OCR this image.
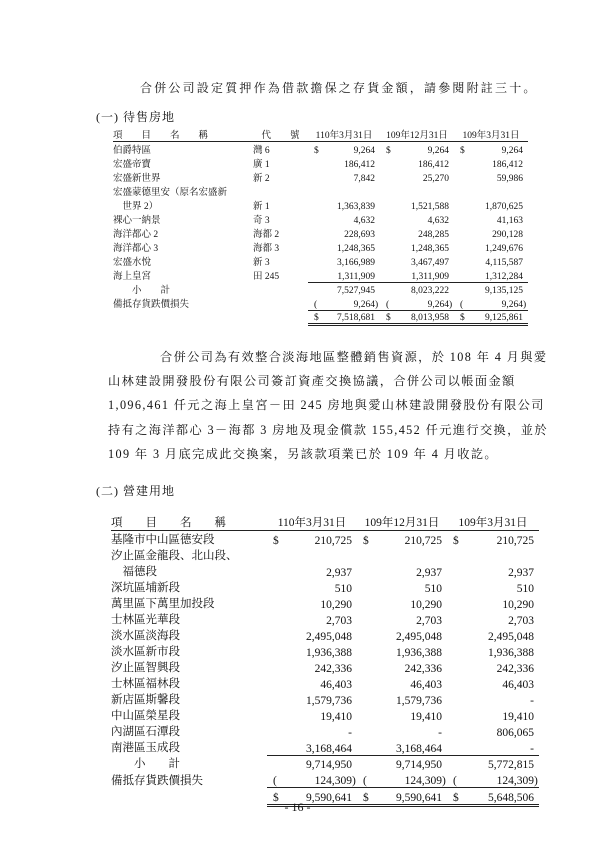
合併公司設定質押作為借款擔保之存貨金額，請參閱附註三十。
(一) 待售房地
項　　目　　名　　稱	代　　號	110年3月31日	109年12月31日	109年3月31日
伯爵特區	灣 6	$ 9,264	$ 9,264	$ 9,264

宏盛帝寶	廣 1	186,412	186,412	186,412

宏盛新世界	新 2	7,842	25,270	59,986

宏盛蒙德里安（原名宏盛新		

　世界 2）	新 1	1,363,839	1,521,588	1,870,625

裸心一納景	奇 3	4,632	4,632	41,163

海洋都心 2	海都 2	228,693	248,285	290,128

海洋都心 3	海都 3	1,248,365	1,248,365	1,249,676

宏盛水悅	新 3	3,166,989	3,467,497	4,115,587

海上皇宮	田 245	1,311,909	1,311,909	1,312,284

　　小　　計		7,527,945	8,023,222	9,135,125

備抵存貨跌價損失		( 9,264)	( 9,264)	( 9,264)

		$ 7,518,681	$ 8,013,958	$ 9,125,861

合併公司為有效整合淡海地區整體銷售資源，於 108 年 4 月與愛山林建設開發股份有限公司簽訂資產交換協議，合併公司以帳面金額 1,096,461 仟元之海上皇宮－田 245 房地與愛山林建設開發股份有限公司持有之海洋都心 3－海都 3 房地及現金償款 155,452 仟元進行交換，並於 109 年 3 月底完成此交換案，另該款項業已於 109 年 4 月收訖。

(二) 營建用地
項　　目　　名　　稱	110年3月31日	109年12月31日	109年3月31日
基隆市中山區德安段	$ 210,725	$ 210,725	$ 210,725

汐止區金龍段、北山段、	

　福德段	2,937	2,937	2,937

深坑區埔新段	510	510	510

萬里區下萬里加投段	10,290	10,290	10,290

士林區光華段	2,703	2,703	2,703

淡水區淡海段	2,495,048	2,495,048	2,495,048

淡水區新市段	1,936,388	1,936,388	1,936,388

汐止區智興段	242,336	242,336	242,336

士林區福林段	46,403	46,403	46,403

新店區斯馨段	1,579,736	1,579,736	-

中山區榮星段	19,410	19,410	19,410

內湖區石潭段	-	-	806,065

南港區玉成段	3,168,464	3,168,464	-

　　小　　計	9,714,950	9,714,950	5,772,815

備抵存貨跌價損失	( 124,309)	( 124,309)	( 124,309)

	$ 9,590,641	$ 9,590,641	$ 5,648,506
- 16 -
